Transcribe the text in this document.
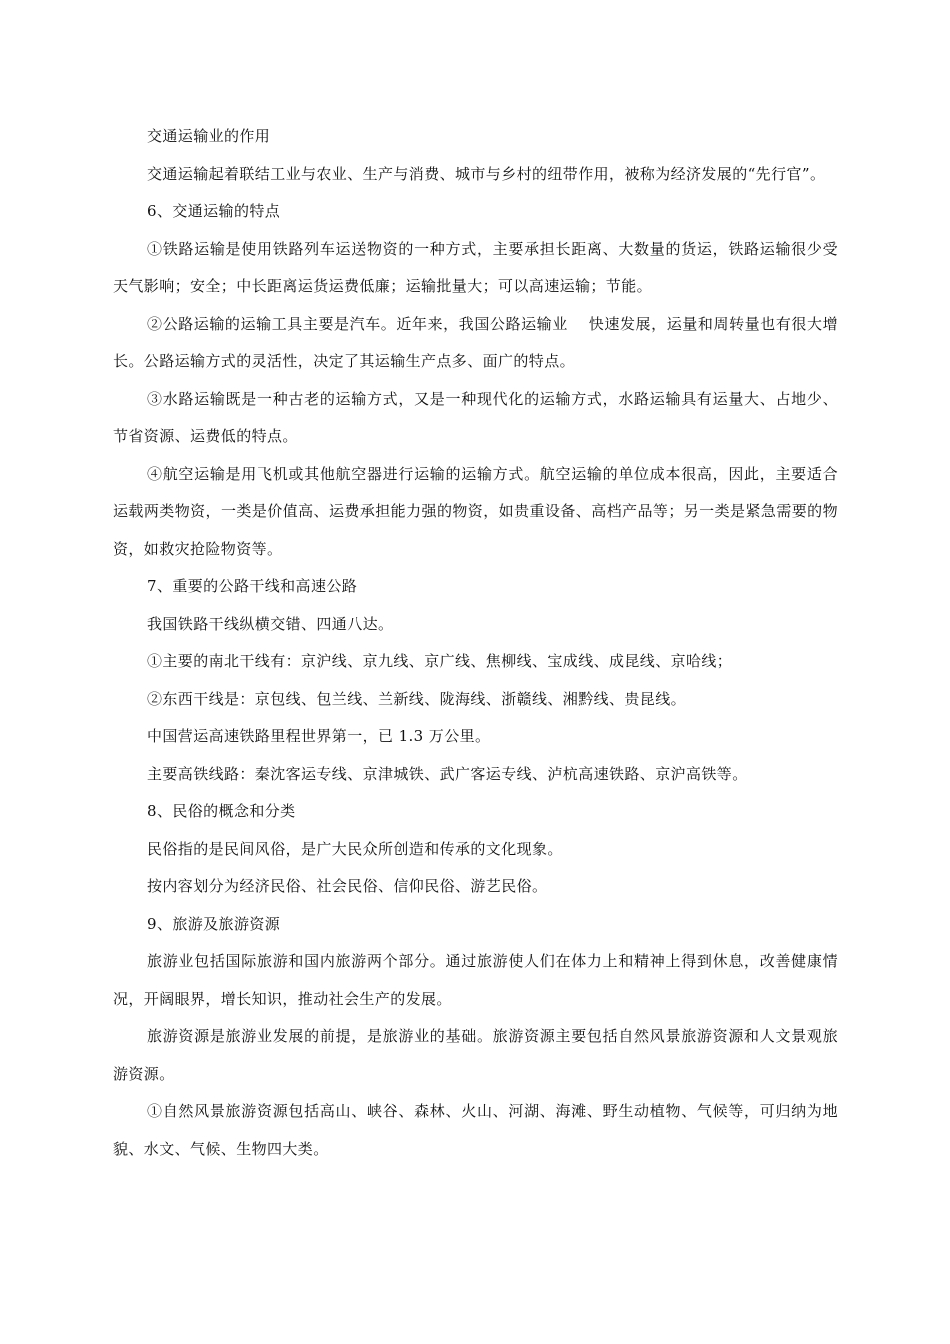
交通运输业的作用

交通运输起着联结工业与农业、生产与消费、城市与乡村的纽带作用，被称为经济发展的“先行官”。

6、交通运输的特点

①铁路运输是使用铁路列车运送物资的一种方式，主要承担长距离、大数量的货运，铁路运输很少受天气影响；安全；中长距离运货运费低廉；运输批量大；可以高速运输；节能。

②公路运输的运输工具主要是汽车。近年来，我国公路运输业　 快速发展，运量和周转量也有很大增长。公路运输方式的灵活性，决定了其运输生产点多、面广的特点。

③水路运输既是一种古老的运输方式，又是一种现代化的运输方式，水路运输具有运量大、占地少、节省资源、运费低的特点。

④航空运输是用飞机或其他航空器进行运输的运输方式。航空运输的单位成本很高，因此，主要适合运载两类物资，一类是价值高、运费承担能力强的物资，如贵重设备、高档产品等；另一类是紧急需要的物资，如救灾抢险物资等。

7、重要的公路干线和高速公路

我国铁路干线纵横交错、四通八达。

①主要的南北干线有：京沪线、京九线、京广线、焦柳线、宝成线、成昆线、京哈线；

②东西干线是：京包线、包兰线、兰新线、陇海线、浙赣线、湘黔线、贵昆线。

中国营运高速铁路里程世界第一，已 1.3 万公里。

主要高铁线路：秦沈客运专线、京津城铁、武广客运专线、泸杭高速铁路、京沪高铁等。

8、民俗的概念和分类

民俗指的是民间风俗，是广大民众所创造和传承的文化现象。

按内容划分为经济民俗、社会民俗、信仰民俗、游艺民俗。

9、旅游及旅游资源

旅游业包括国际旅游和国内旅游两个部分。通过旅游使人们在体力上和精神上得到休息，改善健康情况，开阔眼界，增长知识，推动社会生产的发展。

旅游资源是旅游业发展的前提，是旅游业的基础。旅游资源主要包括自然风景旅游资源和人文景观旅游资源。

①自然风景旅游资源包括高山、峡谷、森林、火山、河湖、海滩、野生动植物、气候等，可归纳为地貌、水文、气候、生物四大类。
